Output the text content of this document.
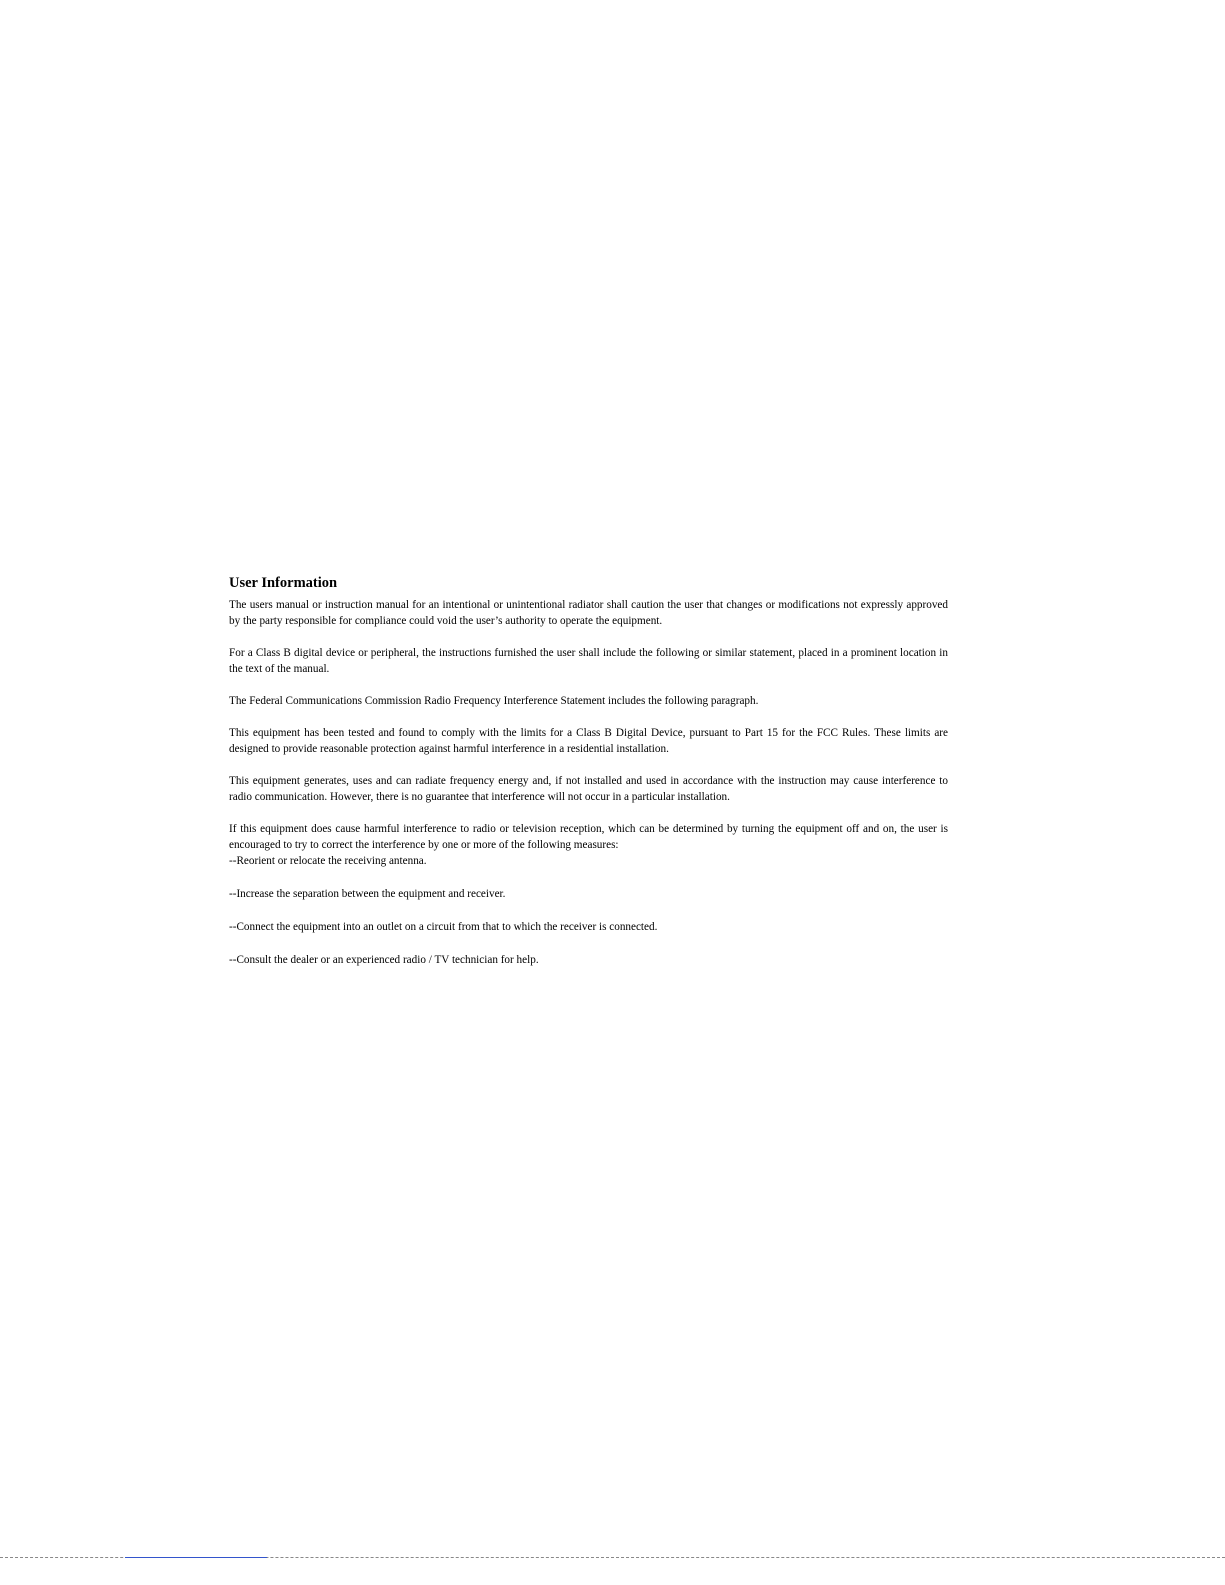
User Information

The users manual or instruction manual for an intentional or unintentional radiator shall caution the user that changes or modifications not expressly approved by the party responsible for compliance could void the user’s authority to operate the equipment.

For a Class B digital device or peripheral, the instructions furnished the user shall include the following or similar statement, placed in a prominent location in the text of the manual.

The Federal Communications Commission Radio Frequency Interference Statement includes the following paragraph.

This equipment has been tested and found to comply with the limits for a Class B Digital Device, pursuant to Part 15 for the FCC Rules. These limits are designed to provide reasonable protection against harmful interference in a residential installation.

This equipment generates, uses and can radiate frequency energy and, if not installed and used in accordance with the instruction may cause interference to radio communication. However, there is no guarantee that interference will not occur in a particular installation.

If this equipment does cause harmful interference to radio or television reception, which can be determined by turning the equipment off and on, the user is encouraged to try to correct the interference by one or more of the following measures:

--Reorient or relocate the receiving antenna.

--Increase the separation between the equipment and receiver.

--Connect the equipment into an outlet on a circuit from that to which the receiver is connected.

--Consult the dealer or an experienced radio / TV technician for help.
